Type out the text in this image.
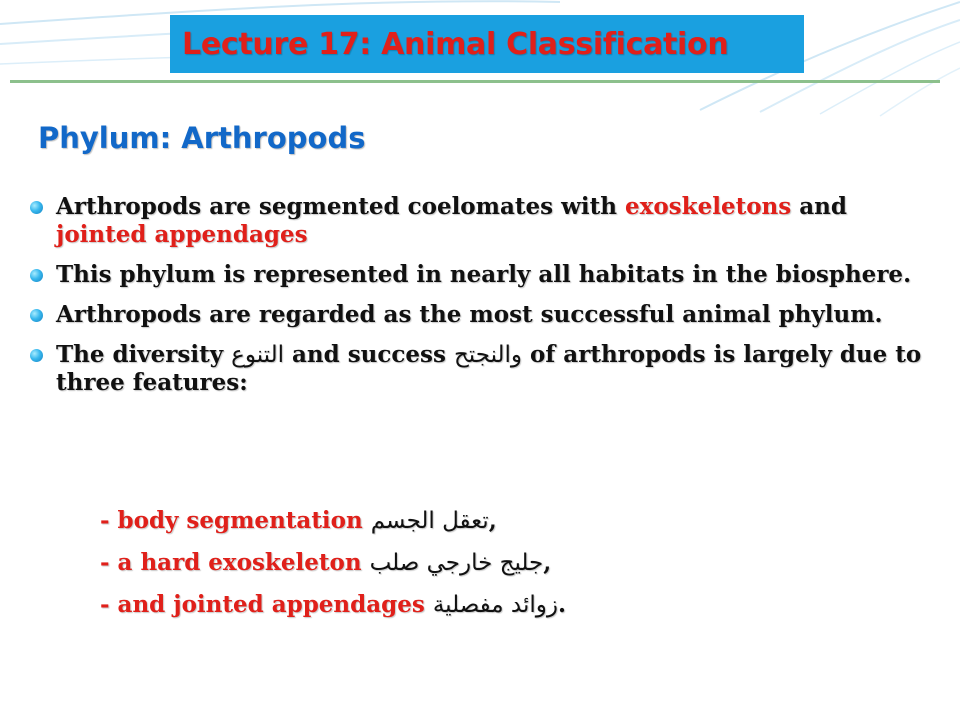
Lecture 17: Animal Classification
Phylum: Arthropods
Arthropods are segmented coelomates with exoskeletons and jointed appendages
This phylum is represented in nearly all habitats in the biosphere.
Arthropods are regarded as the most successful animal phylum.
The diversity التنوع and success والنجتح of arthropods is largely due to three features:
- body segmentation تعقل الجسم,
- a hard exoskeleton جليج خارجي صلب,
- and jointed appendages زوائد مفصلية.
